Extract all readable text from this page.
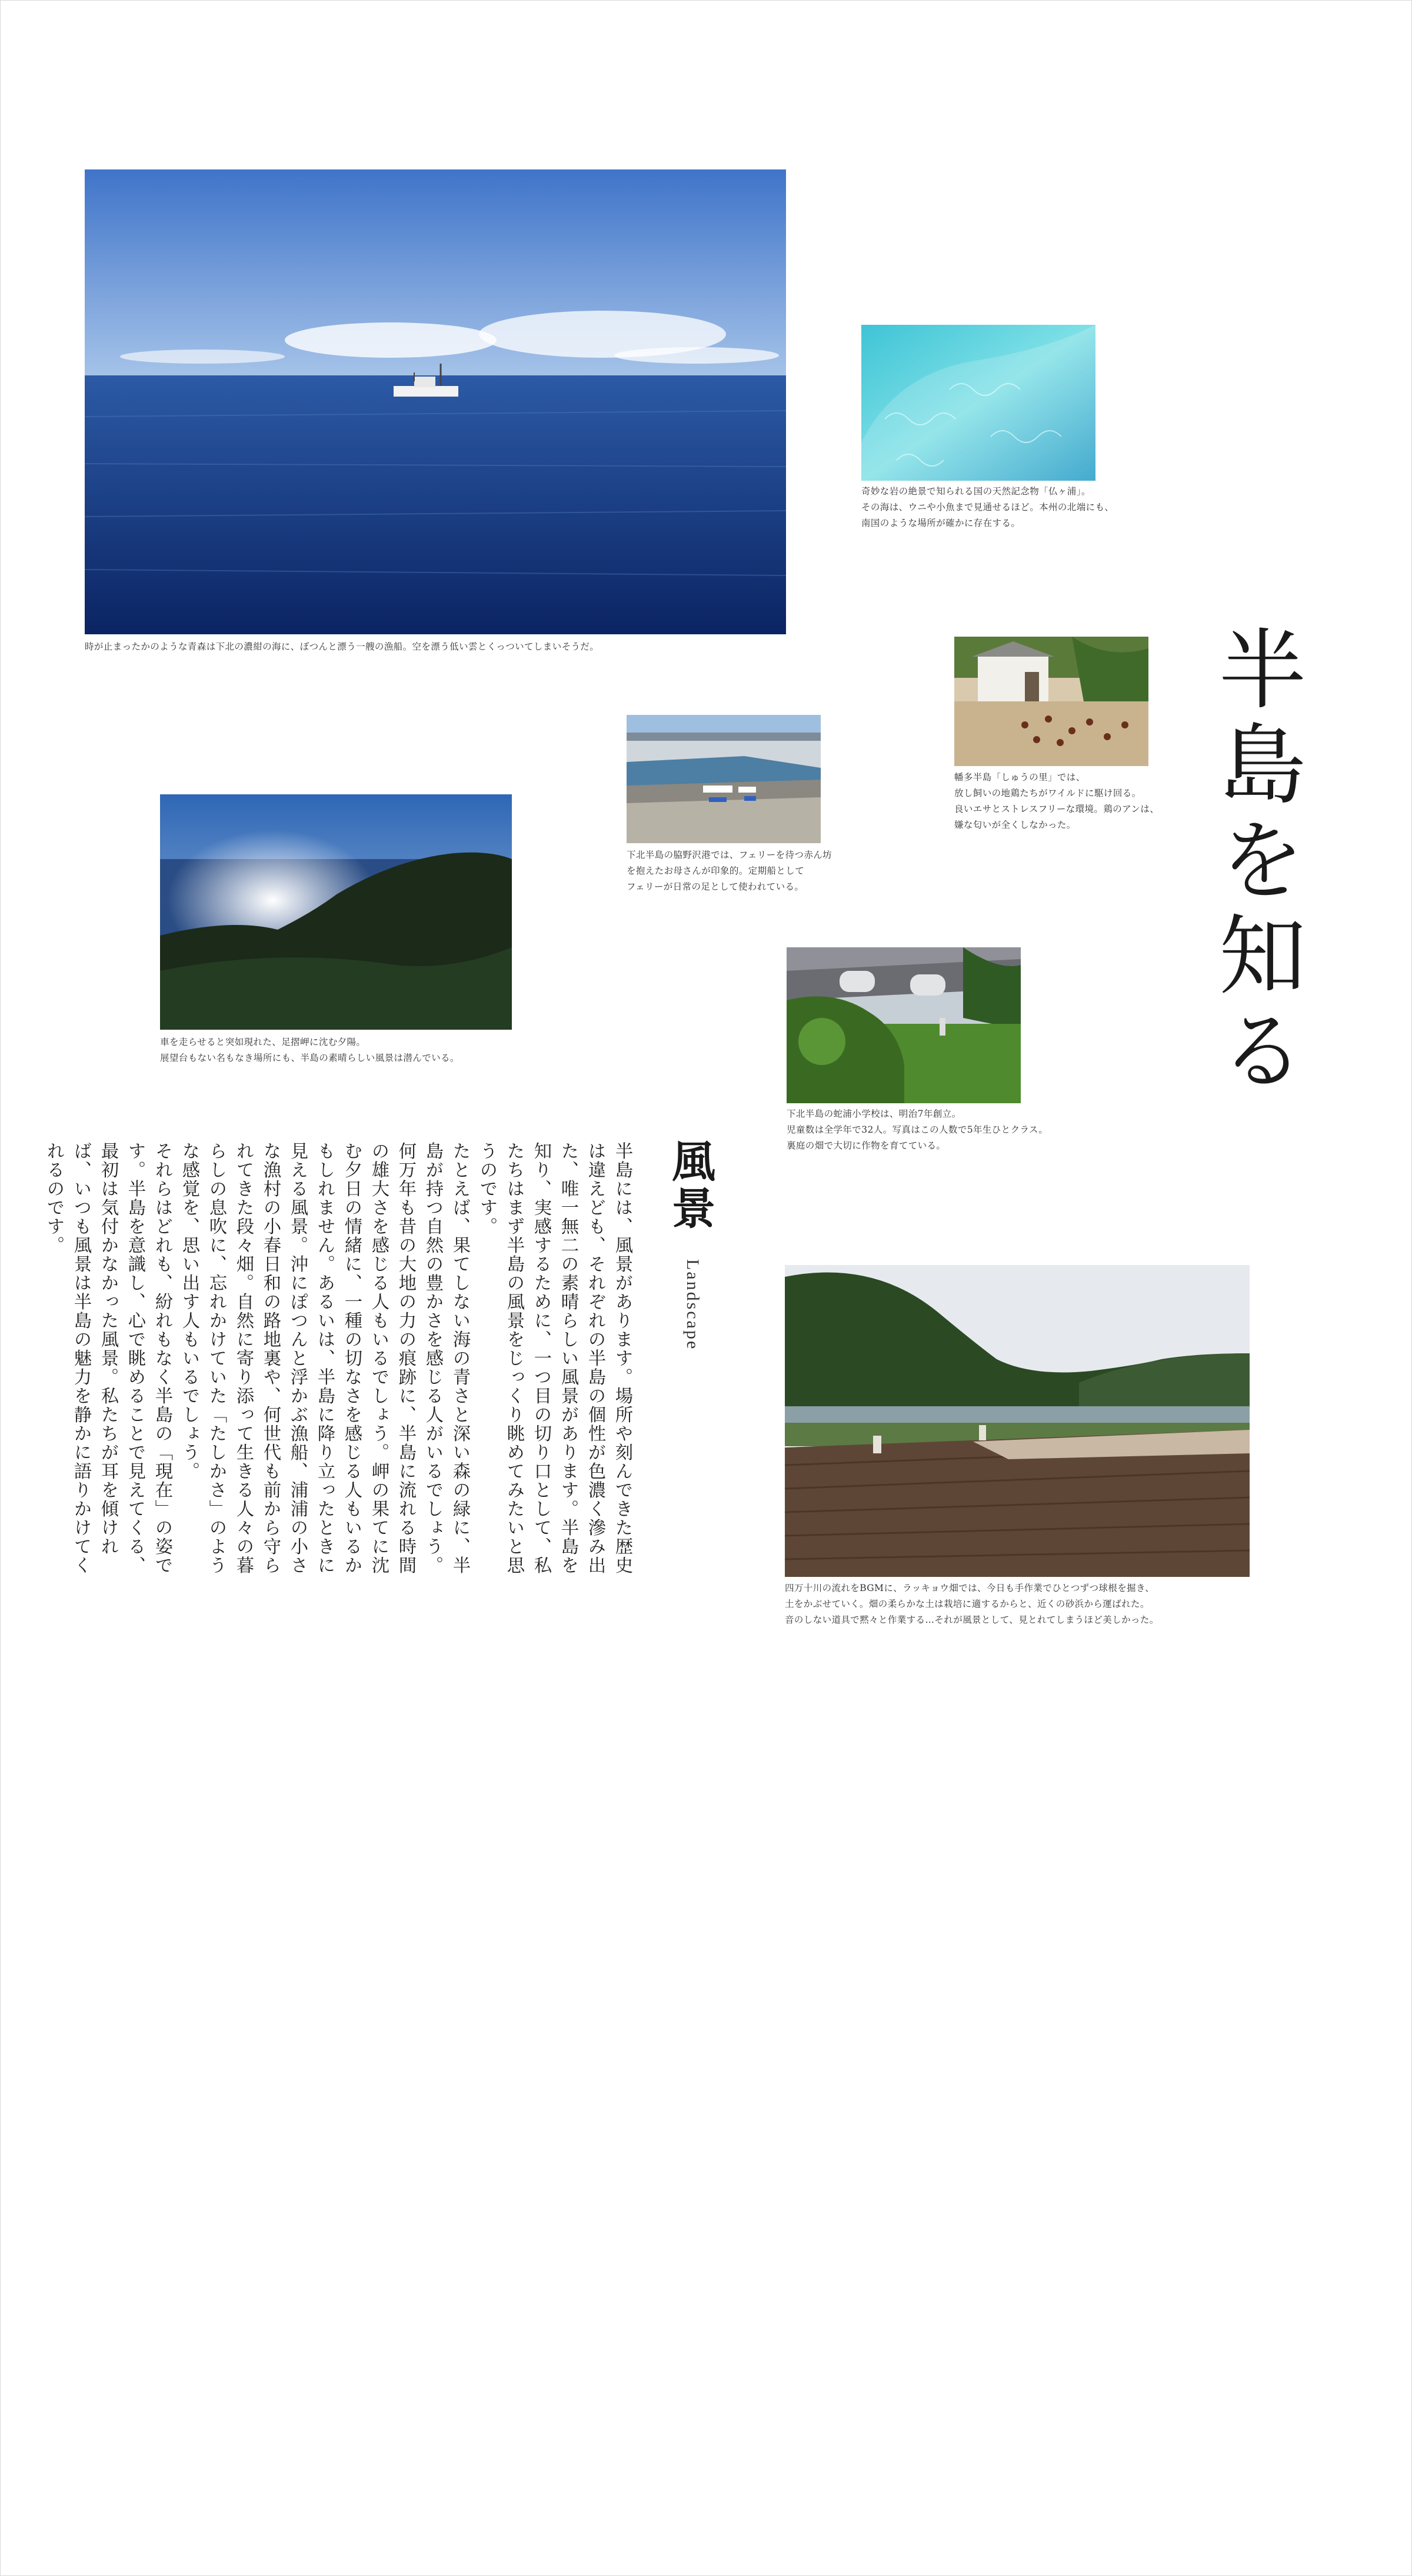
時が止まったかのような青森は下北の濃紺の海に、ぽつんと漂う一艘の漁船。空を漂う低い雲とくっついてしまいそうだ。
奇妙な岩の絶景で知られる国の天然記念物「仏ヶ浦」。
その海は、ウニや小魚まで見通せるほど。本州の北端にも、
南国のような場所が確かに存在する。
幡多半島「しゅうの里」では、
放し飼いの地鶏たちがワイルドに駆け回る。
良いエサとストレスフリーな環境。鶏のアンは、
嫌な匂いが全くしなかった。
下北半島の脇野沢港では、フェリーを待つ赤ん坊
を抱えたお母さんが印象的。定期船として
フェリーが日常の足として使われている。
車を走らせると突如現れた、足摺岬に沈む夕陽。
展望台もない名もなき場所にも、半島の素晴らしい風景は潜んでいる。
下北半島の蛇浦小学校は、明治7年創立。
児童数は全学年で32人。写真はこの人数で5年生ひとクラス。
裏庭の畑で大切に作物を育てている。
四万十川の流れをBGMに、ラッキョウ畑では、今日も手作業でひとつずつ球根を掘き、
土をかぶせていく。畑の柔らかな土は栽培に適するからと、近くの砂浜から運ばれた。
音のしない道具で黙々と作業する…それが風景として、見とれてしまうほど美しかった。
半島を知る
風景
Landscape
半島には、風景があります。場所や刻んできた歴史は違えども、それぞれの半島の個性が色濃く滲み出た、唯一無二の素晴らしい風景があります。半島を知り、実感するために、一つ目の切り口として、私たちはまず半島の風景をじっくり眺めてみたいと思うのです。
たとえば、果てしない海の青さと深い森の緑に、半島が持つ自然の豊かさを感じる人がいるでしょう。何万年も昔の大地の力の痕跡に、半島に流れる時間の雄大さを感じる人もいるでしょう。岬の果てに沈む夕日の情緒に、一種の切なさを感じる人もいるかもしれません。あるいは、半島に降り立ったときに見える風景。沖にぽつんと浮かぶ漁船、浦浦の小さな漁村の小春日和の路地裏や、何世代も前から守られてきた段々畑。自然に寄り添って生きる人々の暮らしの息吹に、忘れかけていた「たしかさ」のような感覚を、思い出す人もいるでしょう。
それらはどれも、紛れもなく半島の「現在」の姿です。半島を意識し、心で眺めることで見えてくる、最初は気付かなかった風景。私たちが耳を傾ければ、いつも風景は半島の魅力を静かに語りかけてくれるのです。
